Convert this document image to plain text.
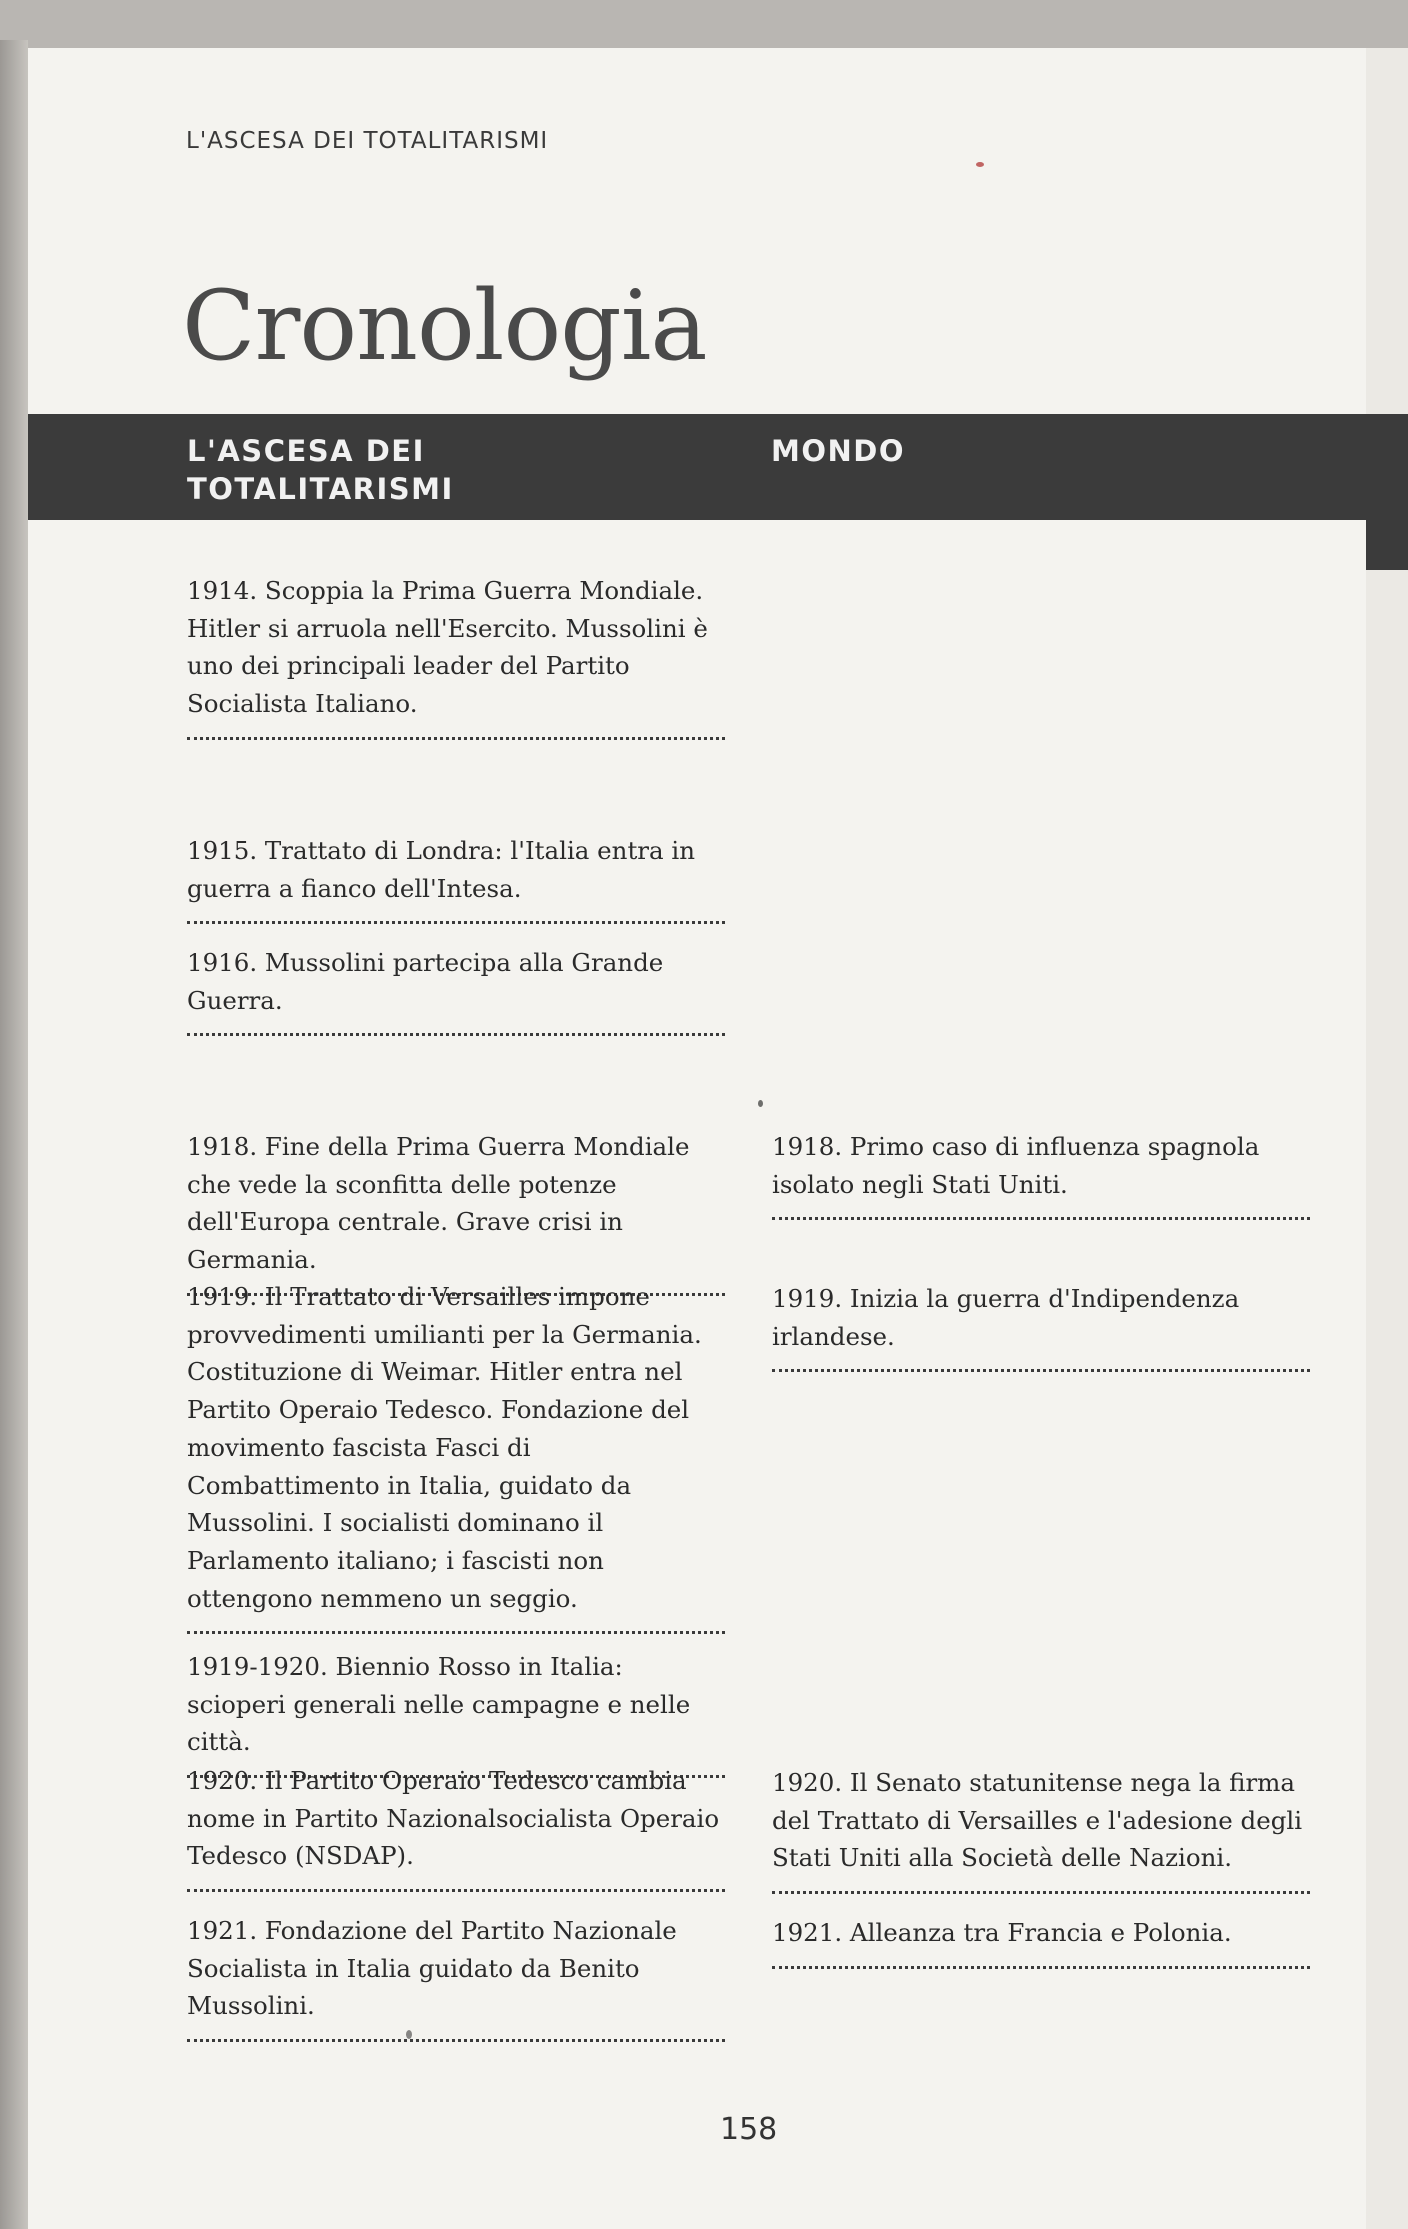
L'ASCESA DEI TOTALITARISMI
Cronologia
L'ASCESA DEI TOTALITARISMI
MONDO

1914. Scoppia la Prima Guerra Mondiale. Hitler si arruola nell'Esercito. Mussolini è uno dei principali leader del Partito Socialista Italiano.

1915. Trattato di Londra: l'Italia entra in guerra a fianco dell'Intesa.

1916. Mussolini partecipa alla Grande Guerra.

1918. Fine della Prima Guerra Mondiale che vede la sconfitta delle potenze dell'Europa centrale. Grave crisi in Germania.

1919. Il Trattato di Versailles impone provvedimenti umilianti per la Germania. Costituzione di Weimar. Hitler entra nel Partito Operaio Tedesco. Fondazione del movimento fascista Fasci di Combattimento in Italia, guidato da Mussolini. I socialisti dominano il Parlamento italiano; i fascisti non ottengono nemmeno un seggio.

1919-1920. Biennio Rosso in Italia: scioperi generali nelle campagne e nelle città.

1920. Il Partito Operaio Tedesco cambia nome in Partito Nazionalsocialista Operaio Tedesco (NSDAP).

1921. Fondazione del Partito Nazionale Socialista in Italia guidato da Benito Mussolini.

1918. Primo caso di influenza spagnola isolato negli Stati Uniti.

1919. Inizia la guerra d'Indipendenza irlandese.

1920. Il Senato statunitense nega la firma del Trattato di Versailles e l'adesione degli Stati Uniti alla Società delle Nazioni.

1921. Alleanza tra Francia e Polonia.

158
